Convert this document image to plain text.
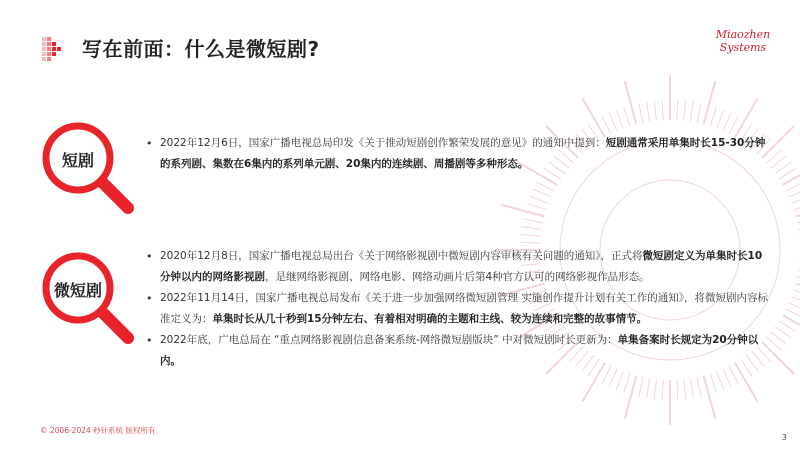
写在前面：什么是微短剧?
Miaozhen
Systems
短剧
• 2022年12月6日，国家广播电视总局印发《关于推动短剧创作繁荣发展的意见》的通知中提到：短剧通常采用单集时长15-30分钟的系列剧、集数在6集内的系列单元剧、20集内的连续剧、周播剧等多种形态。
微短剧
• 2020年12月8日，国家广播电视总局出台《关于网络影视剧中微短剧内容审核有关问题的通知》，正式将微短剧定义为单集时长10分钟以内的网络影视剧，是继网络影视剧、网络电影、网络动画片后第4种官方认可的网络影视作品形态。
• 2022年11月14日，国家广播电视总局发布《关于进一步加强网络微短剧管理 实施创作提升计划有关工作的通知》，将微短剧内容标准定义为：单集时长从几十秒到15分钟左右、有着相对明确的主题和主线、较为连续和完整的故事情节。
• 2022年底，广电总局在 “重点网络影视剧信息备案系统-网络微短剧版块” 中对微短剧时长更新为：单集备案时长规定为20分钟以内。
© 2006-2024 秒针系统 版权所有
3
